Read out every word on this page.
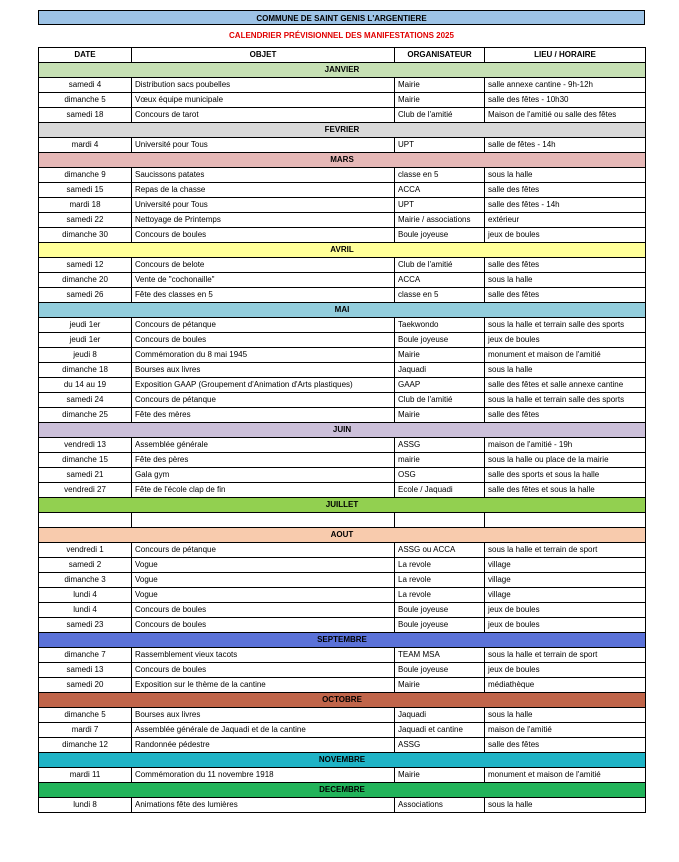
COMMUNE DE SAINT GENIS L'ARGENTIERE
CALENDRIER PRÉVISIONNEL DES MANIFESTATIONS 2025
DATE	OBJET	ORGANISATEUR	LIEU / HORAIRE
JANVIER			
samedi 4	Distribution sacs poubelles	Mairie	salle annexe cantine - 9h-12h
dimanche 5	Vœux équipe municipale	Mairie	salle des fêtes - 10h30
samedi 18	Concours de tarot	Club de l'amitié	Maison de l'amitié ou salle des fêtes
FEVRIER			
mardi 4	Université pour Tous	UPT	salle de fêtes - 14h
MARS			
dimanche 9	Saucissons patates	classe en 5	sous la halle
samedi 15	Repas de la chasse	ACCA	salle des fêtes
mardi 18	Université pour Tous	UPT	salle des fêtes - 14h
samedi 22	Nettoyage de Printemps	Mairie / associations	extérieur
dimanche 30	Concours de boules	Boule joyeuse	jeux de boules
AVRIL			
samedi 12	Concours de belote	Club de l'amitié	salle des fêtes
dimanche 20	Vente de "cochonaille"	ACCA	sous la halle
samedi 26	Fête des classes en 5	classe en 5	salle des fêtes
MAI			
jeudi 1er	Concours de pétanque	Taekwondo	sous la halle et terrain salle des sports
jeudi 1er	Concours de boules	Boule joyeuse	jeux de boules
jeudi 8	Commémoration du 8 mai 1945	Mairie	monument et maison de l'amitié
dimanche 18	Bourses aux livres	Jaquadi	sous la halle
du 14 au 19	Exposition GAAP (Groupement d'Animation d'Arts plastiques)	GAAP	salle des fêtes et salle annexe cantine
samedi 24	Concours de pétanque	Club de l'amitié	sous la halle et terrain salle des sports
dimanche 25	Fête des mères	Mairie	salle des fêtes
JUIN			
vendredi 13	Assemblée générale	ASSG	maison de l'amitié - 19h
dimanche 15	Fête des pères	mairie	sous la halle ou place de la mairie
samedi 21	Gala gym	OSG	salle des sports et sous la halle
vendredi 27	Fête de l'école clap de fin	Ecole / Jaquadi	salle des fêtes et sous la halle
JUILLET			

AOUT			
vendredi 1	Concours de pétanque	ASSG ou ACCA	sous la halle et terrain de sport
samedi 2	Vogue	La revole	village
dimanche 3	Vogue	La revole	village
lundi 4	Vogue	La revole	village
lundi 4	Concours de boules	Boule joyeuse	jeux de boules
samedi 23	Concours de boules	Boule joyeuse	jeux de boules
SEPTEMBRE			
dimanche 7	Rassemblement vieux tacots	TEAM MSA	sous la halle et terrain de sport
samedi 13	Concours de boules	Boule joyeuse	jeux de boules
samedi 20	Exposition sur le thème de la cantine	Mairie	médiathèque
OCTOBRE			
dimanche 5	Bourses aux livres	Jaquadi	sous la halle
mardi 7	Assemblée générale de Jaquadi et de la cantine	Jaquadi et cantine	maison de l'amitié
dimanche 12	Randonnée pédestre	ASSG	salle des fêtes
NOVEMBRE			
mardi 11	Commémoration du 11 novembre 1918	Mairie	monument et maison de l'amitié
DECEMBRE			
lundi 8	Animations fête des lumières	Associations	sous la halle
